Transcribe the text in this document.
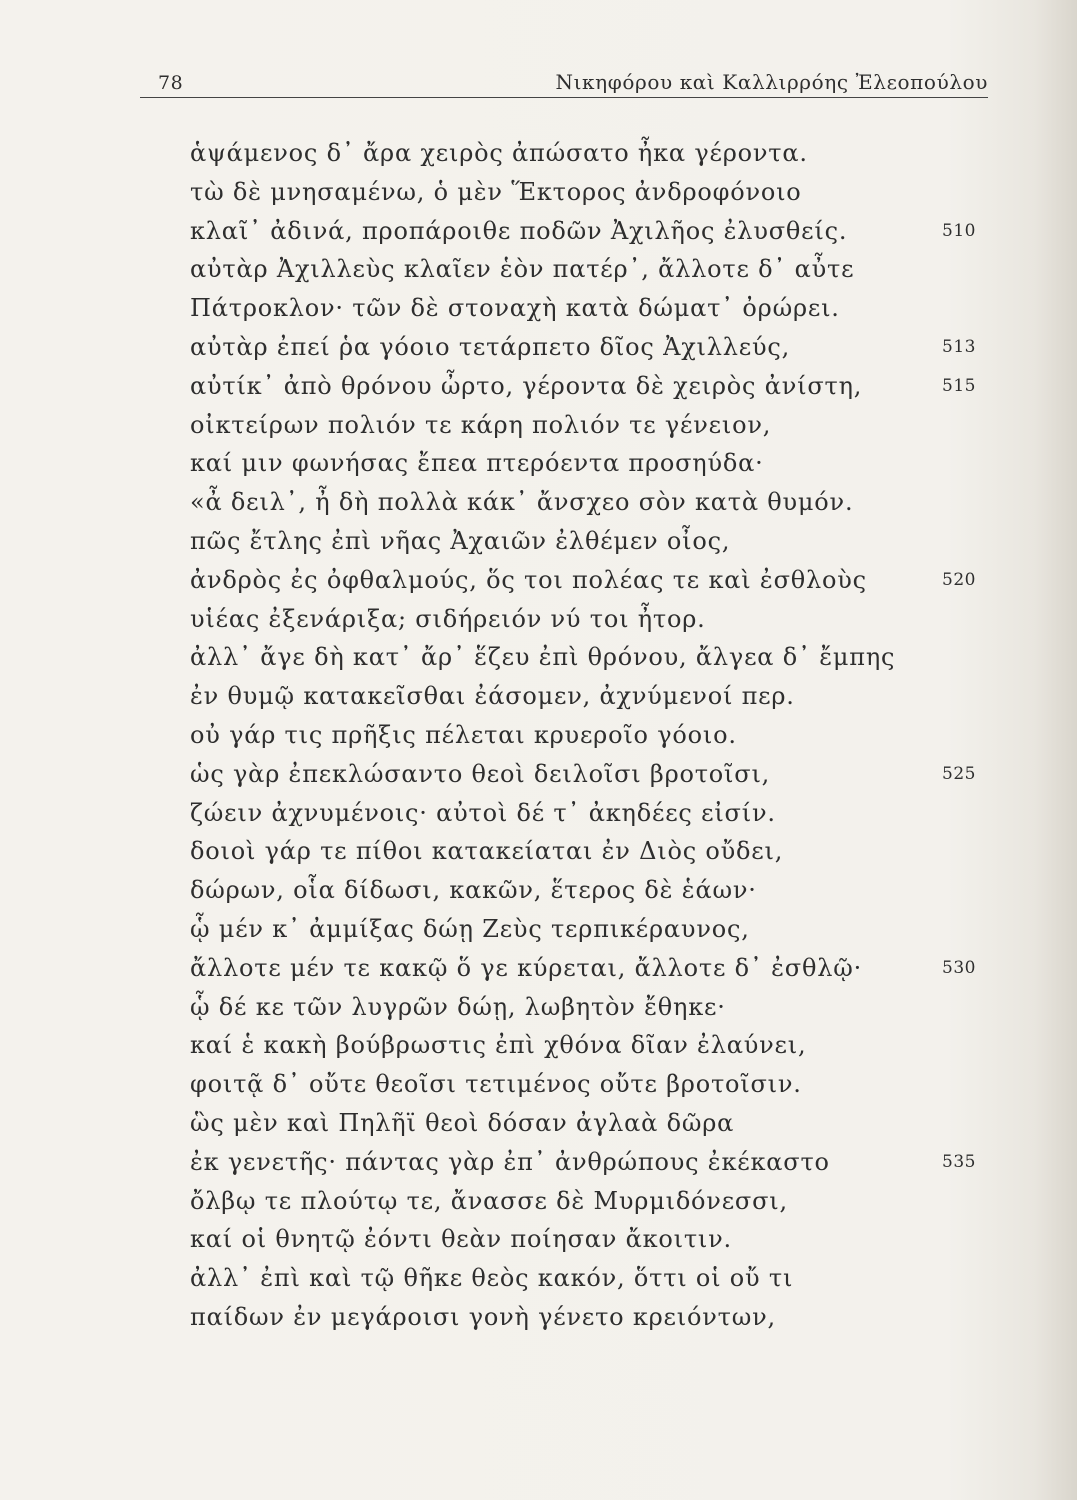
78	Νικηφόρου καὶ Καλλιρρόης Ἐλεοπούλου
ἁψάμενος δ᾽ ἄρα χειρὸς ἀπώσατο ἦκα γέροντα.
τὼ δὲ μνησαμένω, ὁ μὲν Ἕκτορος ἀνδροφόνοιο
κλαῖ᾽ ἀδινά, προπάροιθε ποδῶν Ἀχιλῆος ἐλυσθείς.	510
αὐτὰρ Ἀχιλλεὺς κλαῖεν ἑὸν πατέρ᾽, ἄλλοτε δ᾽ αὖτε
Πάτροκλον· τῶν δὲ στοναχὴ κατὰ δώματ᾽ ὀρώρει.
αὐτὰρ ἐπεί ῥα γόοιο τετάρπετο δῖος Ἀχιλλεύς,	513
αὐτίκ᾽ ἀπὸ θρόνου ὦρτο, γέροντα δὲ χειρὸς ἀνίστη,	515
οἰκτείρων πολιόν τε κάρη πολιόν τε γένειον,
καί μιν φωνήσας ἔπεα πτερόεντα προσηύδα·
«ἆ δειλ᾽, ἦ δὴ πολλὰ κάκ᾽ ἄνσχεο σὸν κατὰ θυμόν.
πῶς ἔτλης ἐπὶ νῆας Ἀχαιῶν ἐλθέμεν οἶος,
ἀνδρὸς ἐς ὀφθαλμούς, ὅς τοι πολέας τε καὶ ἐσθλοὺς	520
υἱέας ἐξενάριξα; σιδήρειόν νύ τοι ἦτορ.
ἀλλ᾽ ἄγε δὴ κατ᾽ ἄρ᾽ ἕζευ ἐπὶ θρόνου, ἄλγεα δ᾽ ἔμπης
ἐν θυμῷ κατακεῖσθαι ἐάσομεν, ἀχνύμενοί περ.
οὐ γάρ τις πρῆξις πέλεται κρυεροῖο γόοιο.
ὡς γὰρ ἐπεκλώσαντο θεοὶ δειλοῖσι βροτοῖσι,	525
ζώειν ἀχνυμένοις· αὐτοὶ δέ τ᾽ ἀκηδέες εἰσίν.
δοιοὶ γάρ τε πίθοι κατακείαται ἐν Διὸς οὔδει,
δώρων, οἷα δίδωσι, κακῶν, ἕτερος δὲ ἑάων·
ᾧ μέν κ᾽ ἀμμίξας δώῃ Ζεὺς τερπικέραυνος,
ἄλλοτε μέν τε κακῷ ὅ γε κύρεται, ἄλλοτε δ᾽ ἐσθλῷ·	530
ᾧ δέ κε τῶν λυγρῶν δώῃ, λωβητὸν ἔθηκε·
καί ἑ κακὴ βούβρωστις ἐπὶ χθόνα δῖαν ἐλαύνει,
φοιτᾷ δ᾽ οὔτε θεοῖσι τετιμένος οὔτε βροτοῖσιν.
ὣς μὲν καὶ Πηλῆϊ θεοὶ δόσαν ἀγλαὰ δῶρα
ἐκ γενετῆς· πάντας γὰρ ἐπ᾽ ἀνθρώπους ἐκέκαστο	535
ὄλβῳ τε πλούτῳ τε, ἄνασσε δὲ Μυρμιδόνεσσι,
καί οἱ θνητῷ ἐόντι θεὰν ποίησαν ἄκοιτιν.
ἀλλ᾽ ἐπὶ καὶ τῷ θῆκε θεὸς κακόν, ὅττι οἱ οὔ τι
παίδων ἐν μεγάροισι γονὴ γένετο κρειόντων,
